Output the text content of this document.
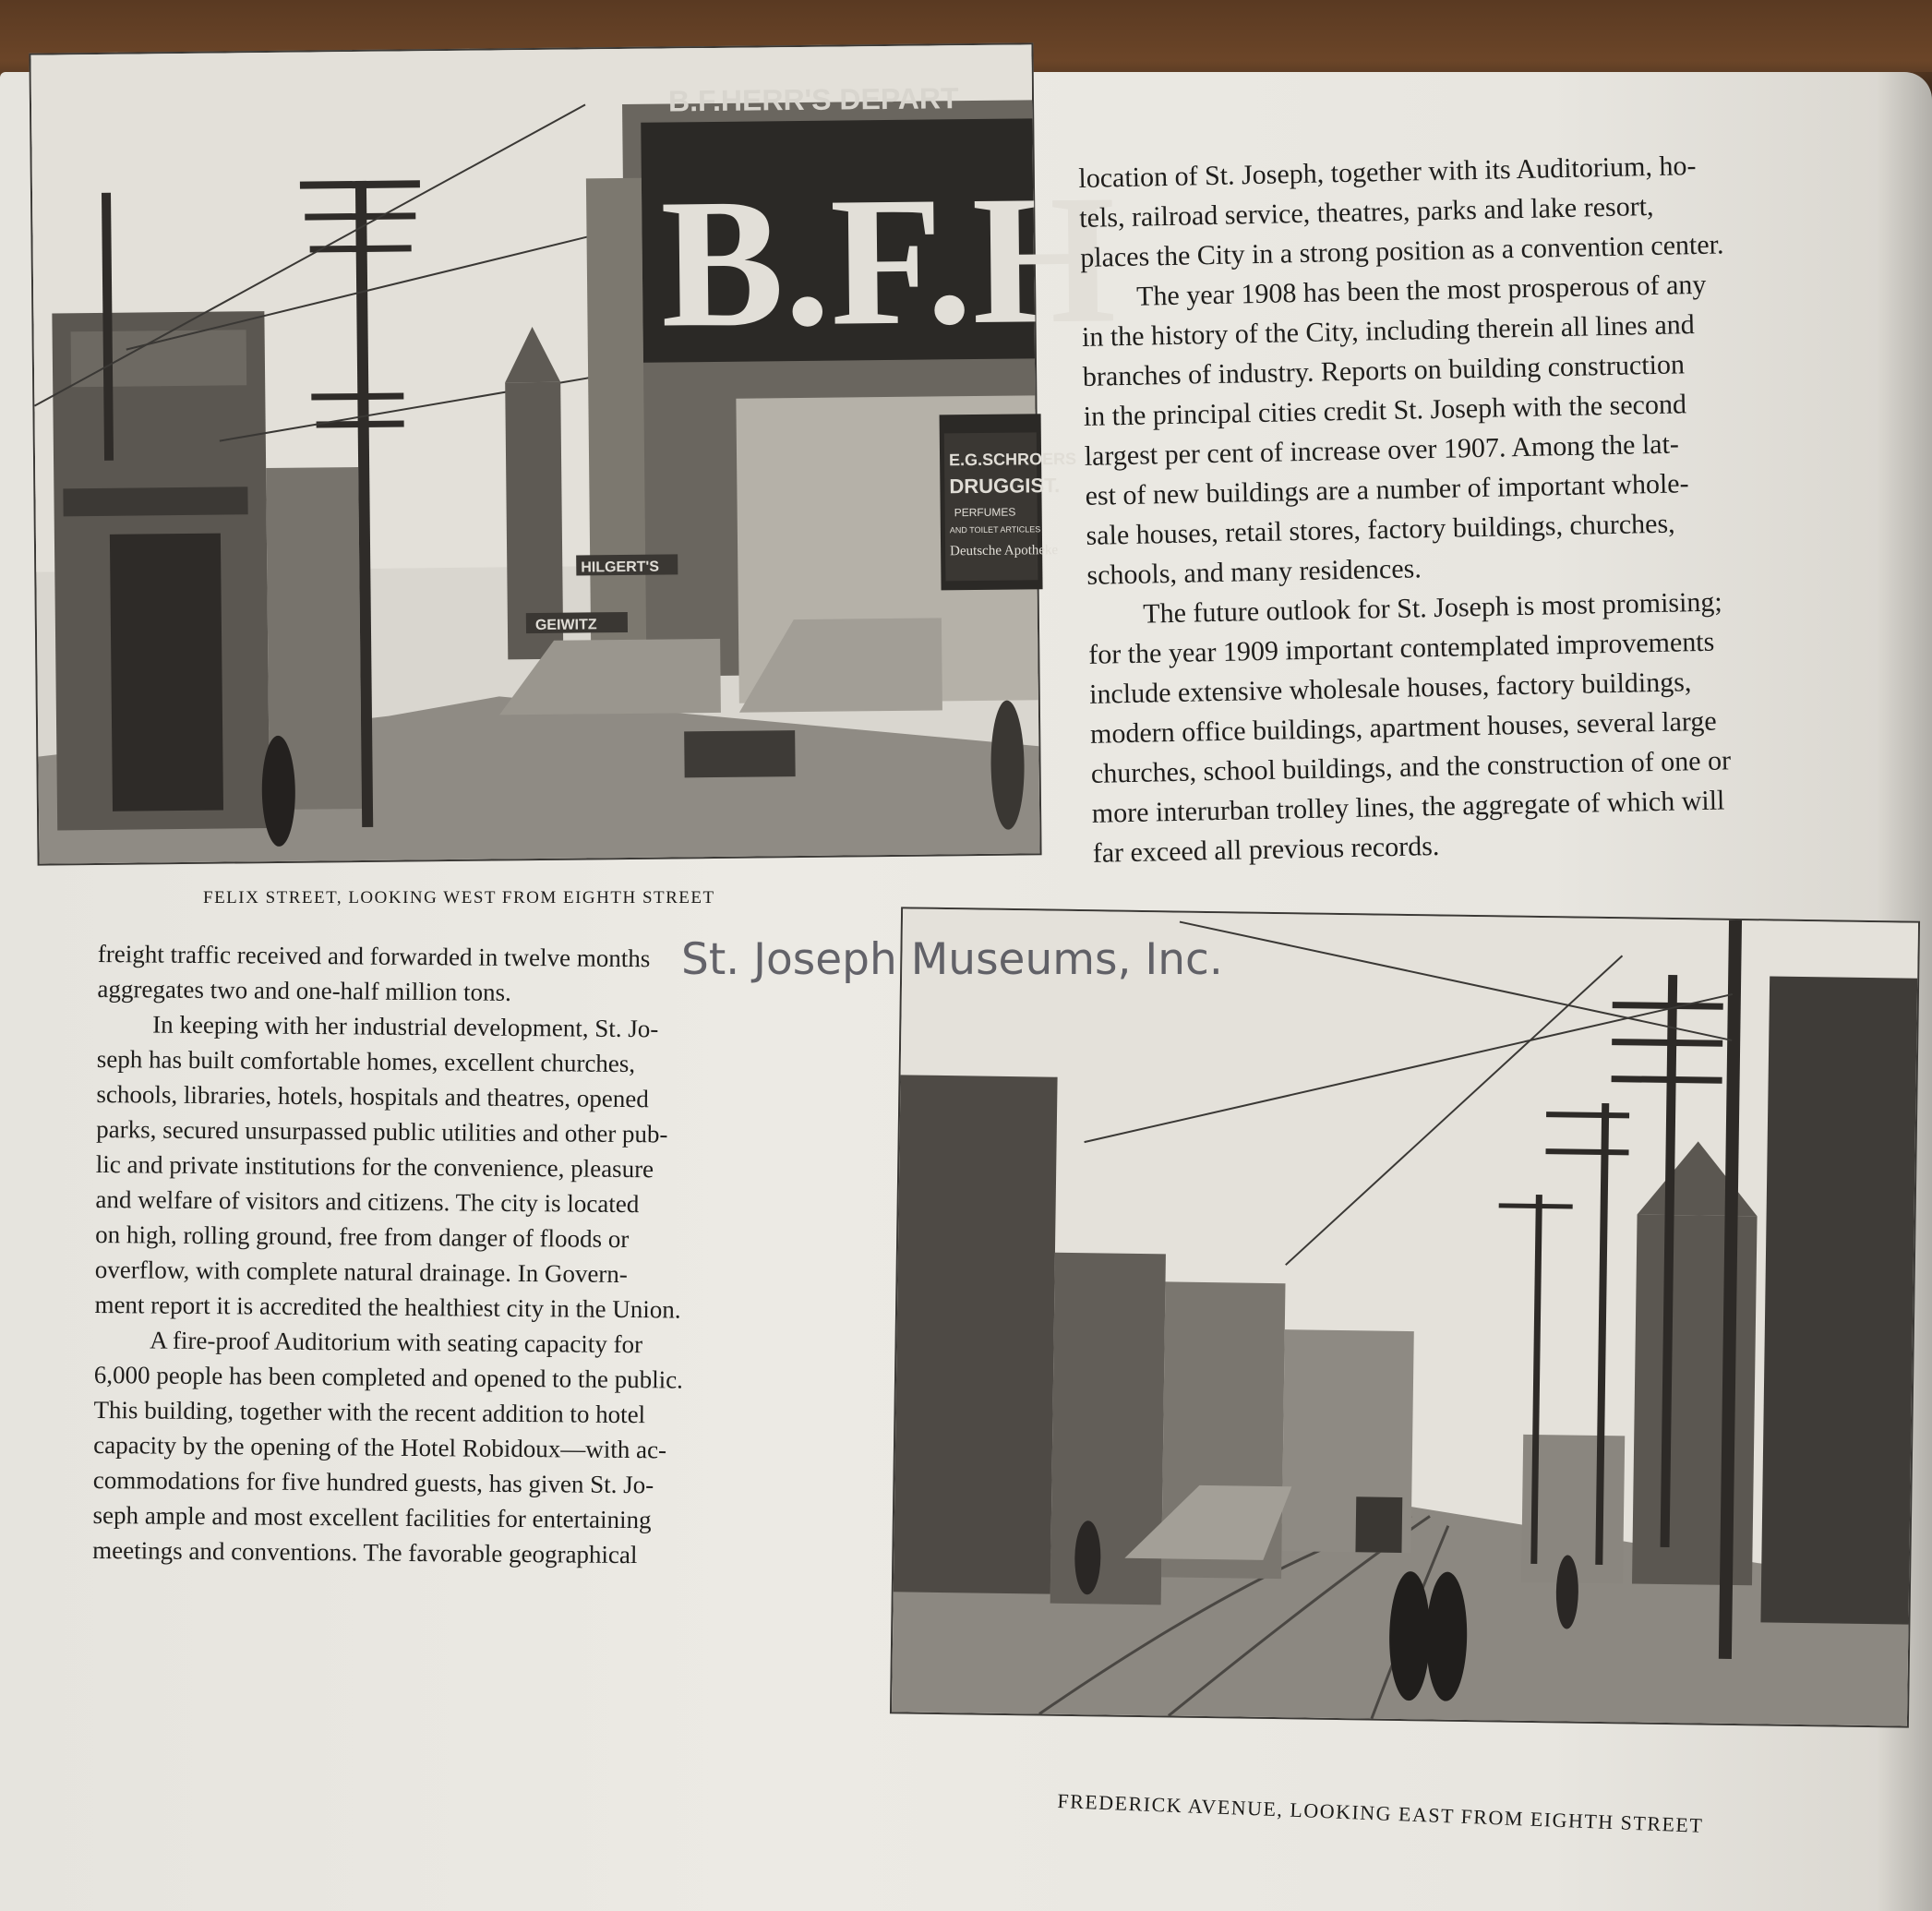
B.F.HERR'S DEPART
B.F.H
E.G.SCHROERS
DRUGGIST.
PERFUMES
AND TOILET ARTICLES
Deutsche Apotheke
HILGERT'S
GEIWITZ
FELIX STREET, LOOKING WEST FROM EIGHTH STREET
location of St. Joseph, together with its Auditorium, ho-
tels, railroad service, theatres, parks and lake resort,
places the City in a strong position as a convention center.
The year 1908 has been the most prosperous of any
in the history of the City, including therein all lines and
branches of industry. Reports on building construction
in the principal cities credit St. Joseph with the second
largest per cent of increase over 1907. Among the lat-
est of new buildings are a number of important whole-
sale houses, retail stores, factory buildings, churches,
schools, and many residences.
The future outlook for St. Joseph is most promising;
for the year 1909 important contemplated improvements
include extensive wholesale houses, factory buildings,
modern office buildings, apartment houses, several large
churches, school buildings, and the construction of one or
more interurban trolley lines, the aggregate of which will
far exceed all previous records.
freight traffic received and forwarded in twelve months
aggregates two and one-half million tons.
In keeping with her industrial development, St. Jo-
seph has built comfortable homes, excellent churches,
schools, libraries, hotels, hospitals and theatres, opened
parks, secured unsurpassed public utilities and other pub-
lic and private institutions for the convenience, pleasure
and welfare of visitors and citizens. The city is located
on high, rolling ground, free from danger of floods or
overflow, with complete natural drainage. In Govern-
ment report it is accredited the healthiest city in the Union.
A fire-proof Auditorium with seating capacity for
6,000 people has been completed and opened to the public.
This building, together with the recent addition to hotel
capacity by the opening of the Hotel Robidoux—with ac-
commodations for five hundred guests, has given St. Jo-
seph ample and most excellent facilities for entertaining
meetings and conventions. The favorable geographical
FREDERICK AVENUE, LOOKING EAST FROM EIGHTH STREET
St. Joseph Museums, Inc.
